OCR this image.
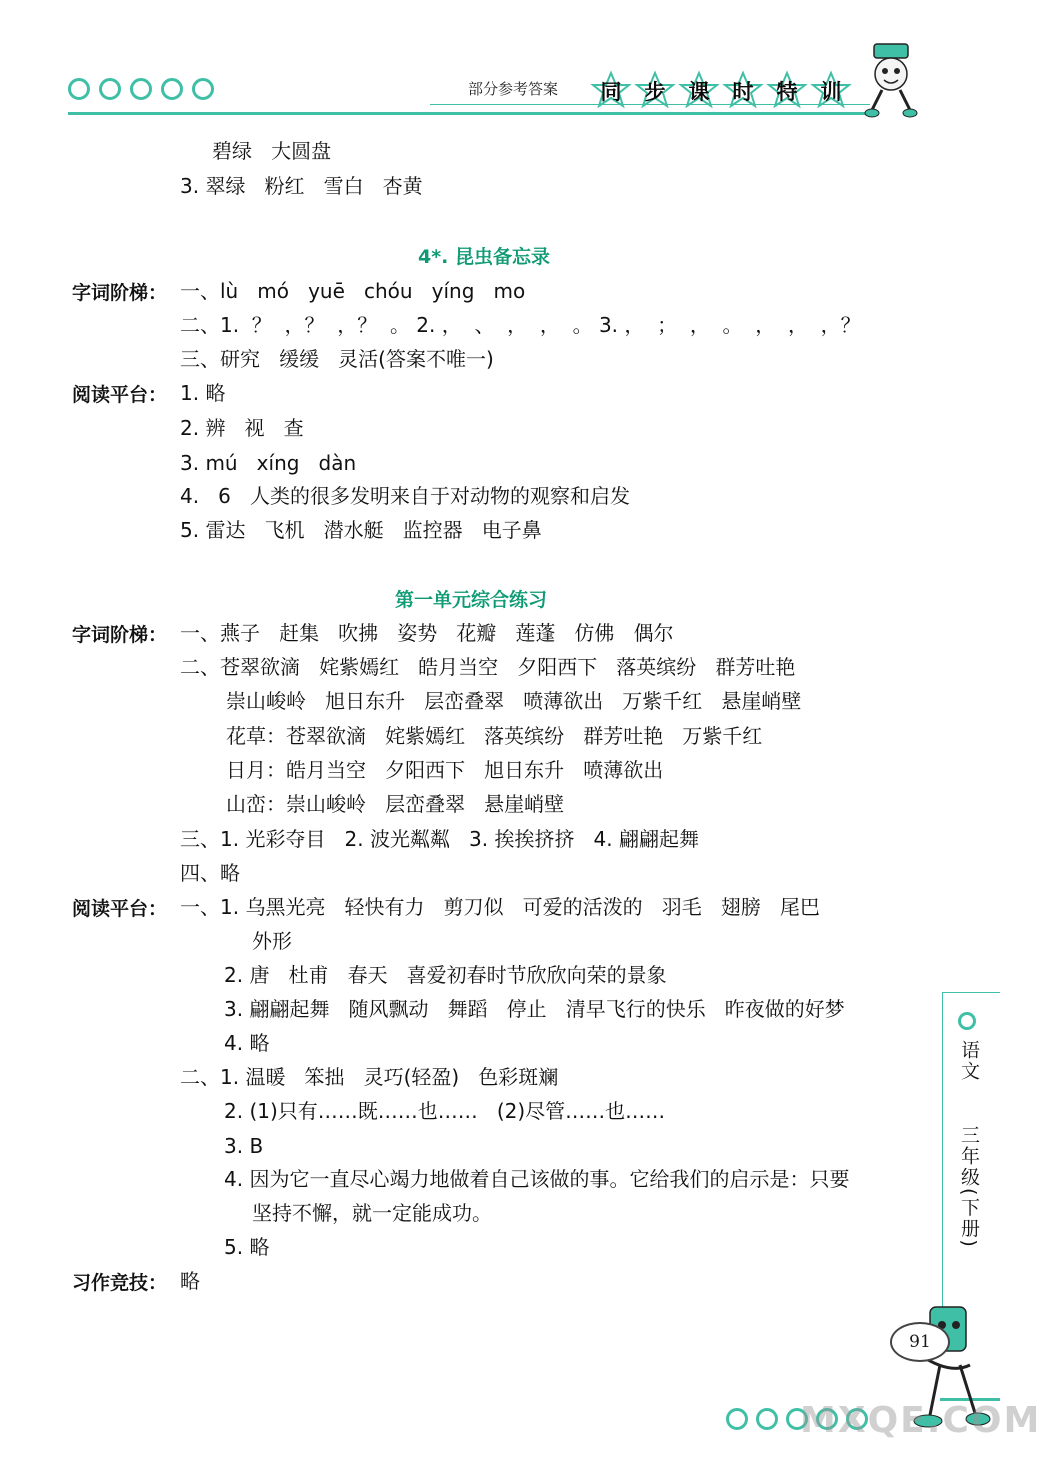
部分参考答案	同	步	课	时	特	训
碧绿   大圆盘
3. 翠绿   粉红   雪白   杏黄
4*. 昆虫备忘录
字词阶梯： 一、lù   mó   yuē   chóu   yíng   mo
二、1.  ？  ，？  ，？  。 2. ，  、  ，  ，  。 3. ，  ；  ，  。  ，  ，  ，？
三、研究   缓缓   灵活(答案不唯一)
阅读平台： 1. 略
2. 辨   视   查
3. mú   xíng   dàn
4.   6   人类的很多发明来自于对动物的观察和启发
5. 雷达   飞机   潜水艇   监控器   电子鼻
第一单元综合练习
字词阶梯： 一、燕子   赶集   吹拂   姿势   花瓣   莲蓬   仿佛   偶尔
二、苍翠欲滴   姹紫嫣红   皓月当空   夕阳西下   落英缤纷   群芳吐艳
崇山峻岭   旭日东升   层峦叠翠   喷薄欲出   万紫千红   悬崖峭壁
花草：苍翠欲滴   姹紫嫣红   落英缤纷   群芳吐艳   万紫千红
日月：皓月当空   夕阳西下   旭日东升   喷薄欲出
山峦：崇山峻岭   层峦叠翠   悬崖峭壁
三、1. 光彩夺目   2. 波光粼粼   3. 挨挨挤挤   4. 翩翩起舞
四、略
阅读平台： 一、1. 乌黑光亮   轻快有力   剪刀似   可爱的活泼的   羽毛   翅膀   尾巴
外形
2. 唐   杜甫   春天   喜爱初春时节欣欣向荣的景象
3. 翩翩起舞   随风飘动   舞蹈   停止   清早飞行的快乐   昨夜做的好梦
4. 略
二、1. 温暖   笨拙   灵巧(轻盈)   色彩斑斓
2. (1)只有……既……也……   (2)尽管……也……
3. B
4. 因为它一直尽心竭力地做着自己该做的事。它给我们的启示是：只要
坚持不懈，就一定能成功。
5. 略
习作竞技： 略
语文
三年级(下册)
91
MXQE.COM
